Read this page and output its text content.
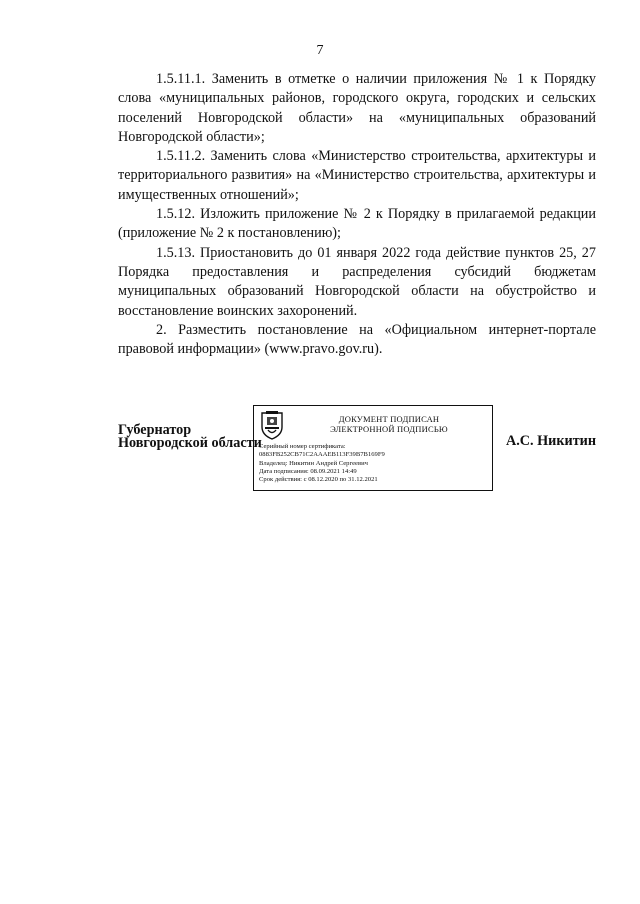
7

1.5.11.1. Заменить в отметке о наличии приложения № 1 к Порядку слова «муниципальных районов, городского округа, городских и сельских поселений Новгородской области» на «муниципальных образований Новгородской области»;

1.5.11.2. Заменить слова «Министерство строительства, архитектуры и территориального развития» на «Министерство строительства, архитектуры и имущественных отношений»;

1.5.12. Изложить приложение № 2 к Порядку в прилагаемой редакции (приложение № 2 к постановлению);

1.5.13. Приостановить до 01 января 2022 года действие пунктов 25, 27 Порядка предоставления и распределения субсидий бюджетам муниципальных образований Новгородской области на обустройство и восстановление воинских захоронений.

2. Разместить постановление на «Официальном интернет-портале правовой информации» (www.pravo.gov.ru).

Губернатор
Новгородской области
ДОКУМЕНТ ПОДПИСАН
ЭЛЕКТРОННОЙ ПОДПИСЬЮ
Серийный номер сертификата:
0883FB252CB71C2AAAEB113F39B7B169F9
Владелец: Никитин Андрей Сергеевич
Дата подписания: 08.09.2021 14:49
Срок действия: с 08.12.2020 по 31.12.2021
А.С. Никитин
